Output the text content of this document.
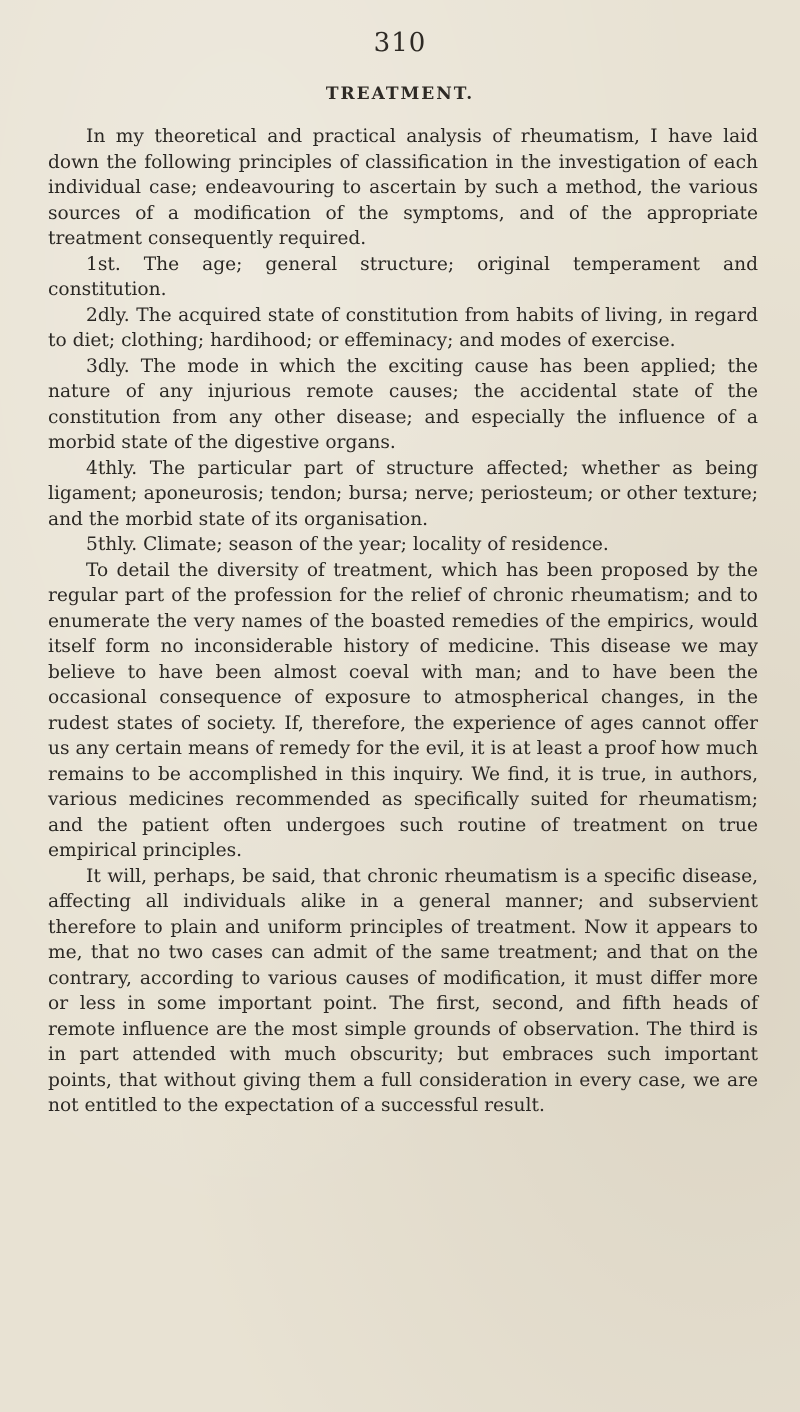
310
TREATMENT.

In my theoretical and practical analysis of rheumatism, I have laid down the following principles of classification in the investigation of each individual case; endeavouring to ascertain by such a method, the various sources of a modification of the symptoms, and of the appropriate treatment consequently required.

1st. The age; general structure; original temperament and constitution.

2dly. The acquired state of constitution from habits of living, in regard to diet; clothing; hardihood; or effeminacy; and modes of exercise.

3dly. The mode in which the exciting cause has been applied; the nature of any injurious remote causes; the accidental state of the constitution from any other disease; and especially the influence of a morbid state of the digestive organs.

4thly. The particular part of structure affected; whether as being ligament; aponeurosis; tendon; bursa; nerve; periosteum; or other texture; and the morbid state of its organisation.

5thly. Climate; season of the year; locality of residence.

To detail the diversity of treatment, which has been proposed by the regular part of the profession for the relief of chronic rheumatism; and to enumerate the very names of the boasted remedies of the empirics, would itself form no inconsiderable history of medicine. This disease we may believe to have been almost coeval with man; and to have been the occasional consequence of exposure to atmospherical changes, in the rudest states of society. If, therefore, the experience of ages cannot offer us any certain means of remedy for the evil, it is at least a proof how much remains to be accomplished in this inquiry. We find, it is true, in authors, various medicines recommended as specifically suited for rheumatism; and the patient often undergoes such routine of treatment on true empirical principles.

It will, perhaps, be said, that chronic rheumatism is a specific disease, affecting all individuals alike in a general manner; and subservient therefore to plain and uniform principles of treatment. Now it appears to me, that no two cases can admit of the same treatment; and that on the contrary, according to various causes of modification, it must differ more or less in some important point. The first, second, and fifth heads of remote influence are the most simple grounds of observation. The third is in part attended with much obscurity; but embraces such important points, that without giving them a full consideration in every case, we are not entitled to the expectation of a successful result.
